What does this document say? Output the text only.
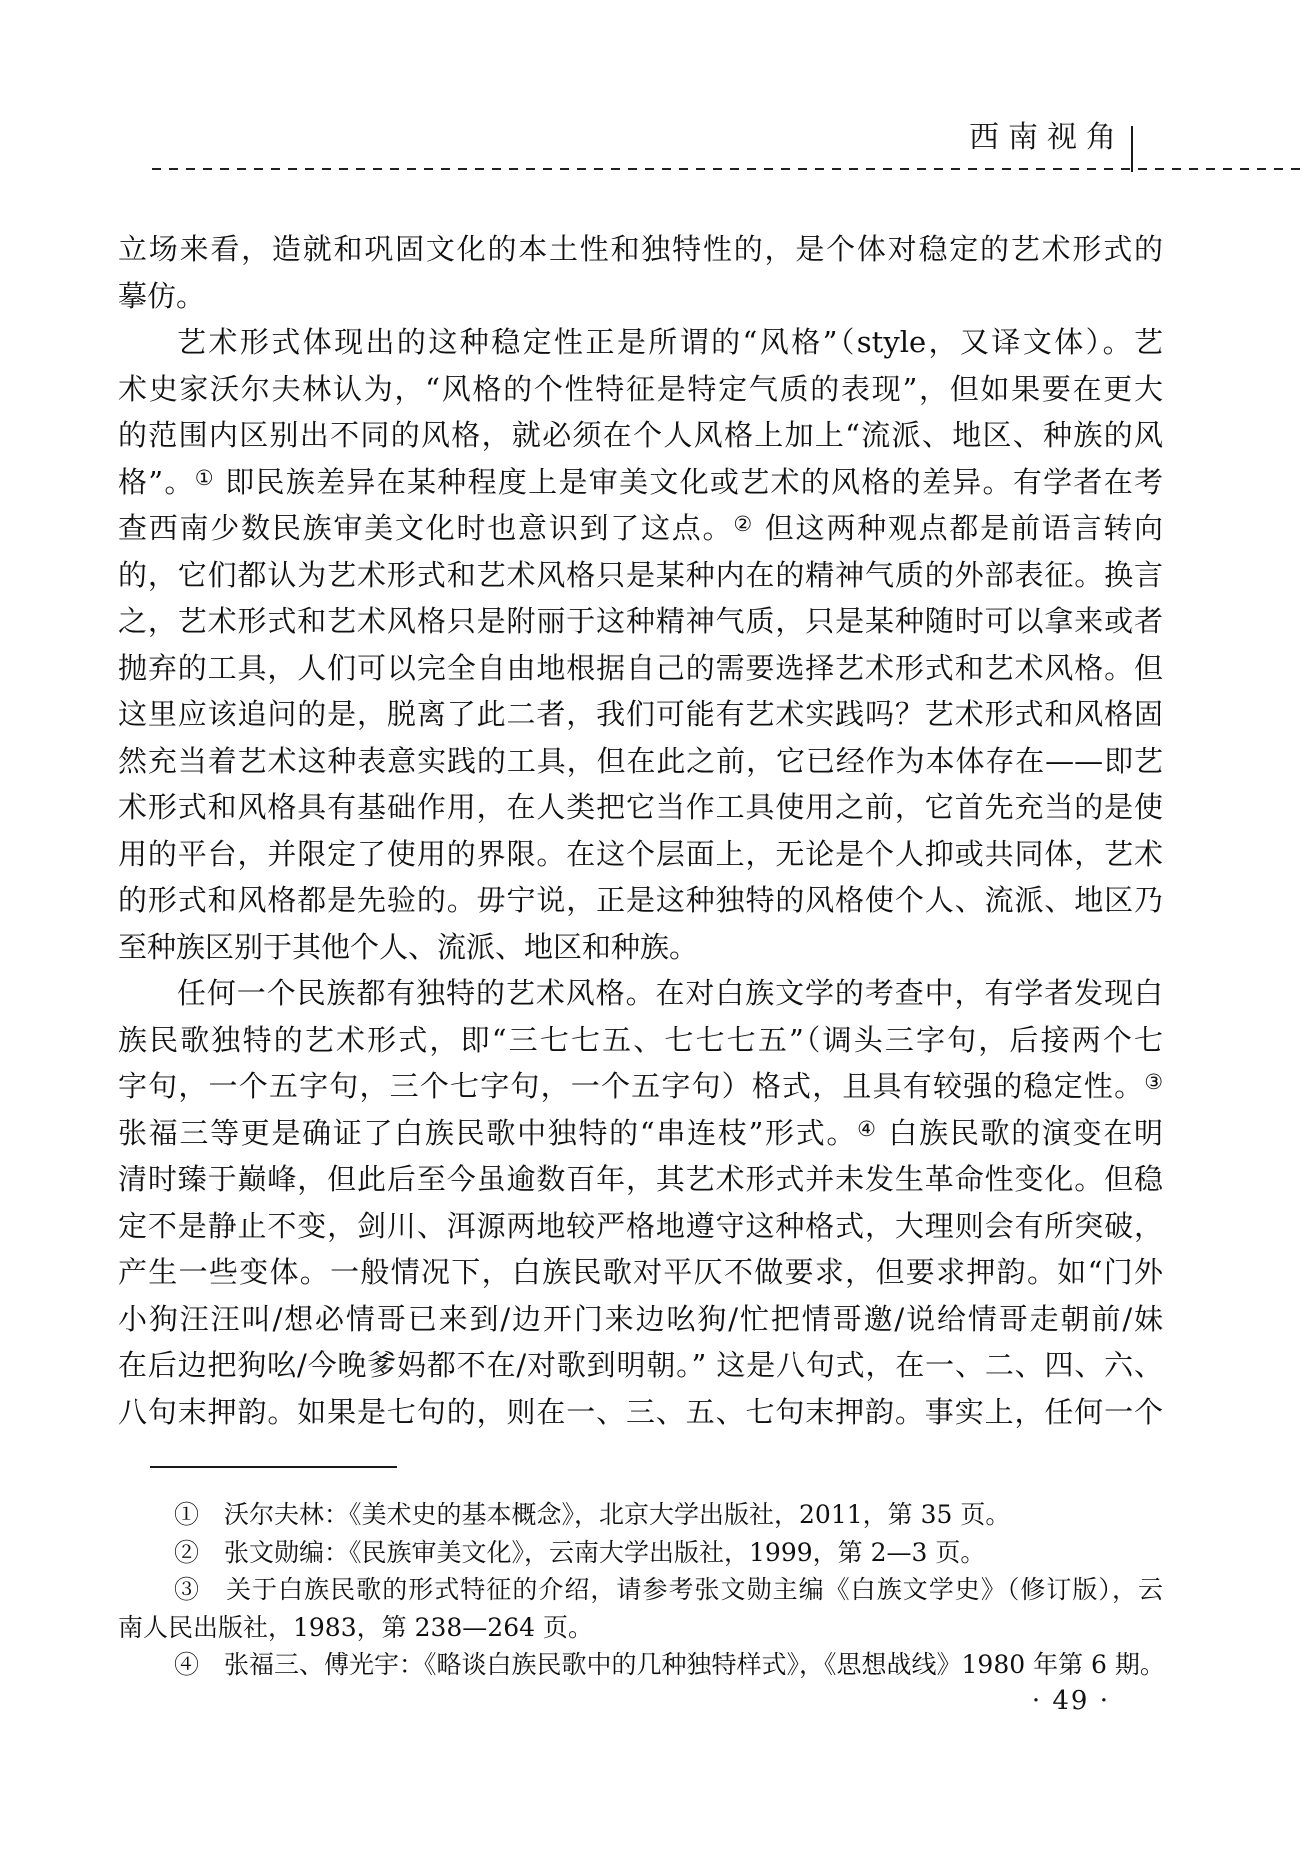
西南视角
立场来看，造就和巩固文化的本土性和独特性的，是个体对稳定的艺术形式的
摹仿。
艺术形式体现出的这种稳定性正是所谓的“风格”（style，又译文体）。艺
术史家沃尔夫林认为，“风格的个性特征是特定气质的表现”，但如果要在更大
的范围内区别出不同的风格，就必须在个人风格上加上“流派、地区、种族的风
格”。① 即民族差异在某种程度上是审美文化或艺术的风格的差异。有学者在考
查西南少数民族审美文化时也意识到了这点。② 但这两种观点都是前语言转向
的，它们都认为艺术形式和艺术风格只是某种内在的精神气质的外部表征。换言
之，艺术形式和艺术风格只是附丽于这种精神气质，只是某种随时可以拿来或者
抛弃的工具，人们可以完全自由地根据自己的需要选择艺术形式和艺术风格。但
这里应该追问的是，脱离了此二者，我们可能有艺术实践吗？艺术形式和风格固
然充当着艺术这种表意实践的工具，但在此之前，它已经作为本体存在——即艺
术形式和风格具有基础作用，在人类把它当作工具使用之前，它首先充当的是使
用的平台，并限定了使用的界限。在这个层面上，无论是个人抑或共同体，艺术
的形式和风格都是先验的。毋宁说，正是这种独特的风格使个人、流派、地区乃
至种族区别于其他个人、流派、地区和种族。
任何一个民族都有独特的艺术风格。在对白族文学的考查中，有学者发现白
族民歌独特的艺术形式，即“三七七五、七七七五”（调头三字句，后接两个七
字句，一个五字句，三个七字句，一个五字句）格式，且具有较强的稳定性。③
张福三等更是确证了白族民歌中独特的“串连枝”形式。④ 白族民歌的演变在明
清时臻于巅峰，但此后至今虽逾数百年，其艺术形式并未发生革命性变化。但稳
定不是静止不变，剑川、洱源两地较严格地遵守这种格式，大理则会有所突破，
产生一些变体。一般情况下，白族民歌对平仄不做要求，但要求押韵。如“门外
小狗汪汪叫/想必情哥已来到/边开门来边吆狗/忙把情哥邀/说给情哥走朝前/妹
在后边把狗吆/今晚爹妈都不在/对歌到明朝。” 这是八句式，在一、二、四、六、
八句末押韵。如果是七句的，则在一、三、五、七句末押韵。事实上，任何一个
①　沃尔夫林：《美术史的基本概念》，北京大学出版社，2011，第 35 页。
②　张文勋编：《民族审美文化》，云南大学出版社，1999，第 2—3 页。
③　关于白族民歌的形式特征的介绍，请参考张文勋主编《白族文学史》（修订版），云
南人民出版社，1983，第 238—264 页。
④　张福三、傅光宇：《略谈白族民歌中的几种独特样式》，《思想战线》1980 年第 6 期。
· 49 ·
